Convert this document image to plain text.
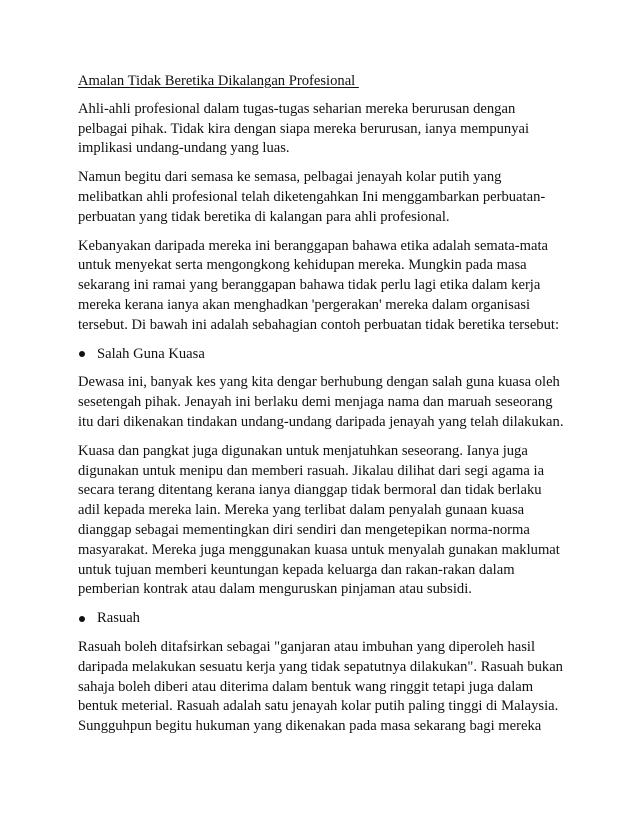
Amalan Tidak Beretika Dikalangan Profesional

Ahli-ahli profesional dalam tugas-tugas seharian mereka berurusan dengan
pelbagai pihak. Tidak kira dengan siapa mereka berurusan, ianya mempunyai
implikasi undang-undang yang luas.

Namun begitu dari semasa ke semasa, pelbagai jenayah kolar putih yang
melibatkan ahli profesional telah diketengahkan Ini menggambarkan perbuatan-
perbuatan yang tidak beretika di kalangan para ahli profesional.

Kebanyakan daripada mereka ini beranggapan bahawa etika adalah semata-mata
untuk menyekat serta mengongkong kehidupan mereka. Mungkin pada masa
sekarang ini ramai yang beranggapan bahawa tidak perlu lagi etika dalam kerja
mereka kerana ianya akan menghadkan 'pergerakan' mereka dalam organisasi
tersebut. Di bawah ini adalah sebahagian contoh perbuatan tidak beretika tersebut:

Salah Guna Kuasa

Dewasa ini, banyak kes yang kita dengar berhubung dengan salah guna kuasa oleh
sesetengah pihak. Jenayah ini berlaku demi menjaga nama dan maruah seseorang
itu dari dikenakan tindakan undang-undang daripada jenayah yang telah dilakukan.

Kuasa dan pangkat juga digunakan untuk menjatuhkan seseorang. Ianya juga
digunakan untuk menipu dan memberi rasuah. Jikalau dilihat dari segi agama ia
secara terang ditentang kerana ianya dianggap tidak bermoral dan tidak berlaku
adil kepada mereka lain. Mereka yang terlibat dalam penyalah gunaan kuasa
dianggap sebagai mementingkan diri sendiri dan mengetepikan norma-norma
masyarakat. Mereka juga menggunakan kuasa untuk menyalah gunakan maklumat
untuk tujuan memberi keuntungan kepada keluarga dan rakan-rakan dalam
pemberian kontrak atau dalam menguruskan pinjaman atau subsidi.

Rasuah

Rasuah boleh ditafsirkan sebagai "ganjaran atau imbuhan yang diperoleh hasil
daripada melakukan sesuatu kerja yang tidak sepatutnya dilakukan". Rasuah bukan
sahaja boleh diberi atau diterima dalam bentuk wang ringgit tetapi juga dalam
bentuk meterial. Rasuah adalah satu jenayah kolar putih paling tinggi di Malaysia.
Sungguhpun begitu hukuman yang dikenakan pada masa sekarang bagi mereka
